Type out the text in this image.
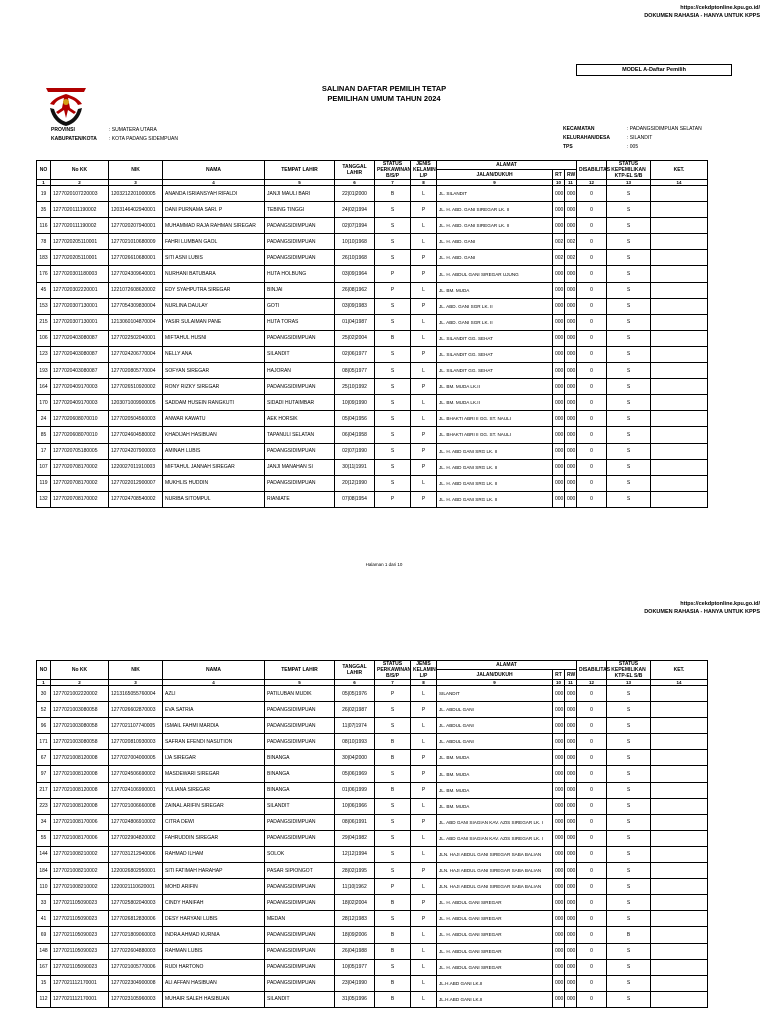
https://cekdptonline.kpu.go.id/
DOKUMEN RAHASIA - HANYA UNTUK KPPS
MODEL A-Daftar Pemilih
SALINAN DAFTAR PEMILIH TETAP
PEMILIHAN UMUM TAHUN 2024
PROVINSI	: SUMATERA UTARA
KABUPATEN/KOTA : KOTA PADANG SIDEMPUAN
KECAMATAN	: PADANGSIDIMPUAN SELATAN
KELURAHAN/DESA	: SILANDIT
TPS	: 005
NO	No KK	NIK	NAMA	TEMPAT LAHIR	TANGGAL LAHIR	STATUS PERKAWINAN B/S/P	JENIS KELAMIN L/P	ALAMAT			DISABILITAS	STATUS KEPEMILIKAN KTP-EL S/B	KET.
								JALAN/DUKUH	RT	RW			
1	2	3	4	5	6	7	8	9	10	11	12	13	14
19	1277020107220003	1203212201000005	ANANDA ISRIANSYAH RIFALDI	JANJI MAULI BARI	22|01|2000	B	L	JL. SILANDIT	000	000	0	S	
35	1277020111190002	1203146402940001	DANI PURNAMA SARI. P	TEBING TINGGI	24|02|1994	S	P	JL. H. ABD. GANI SIREGAR LK. II	000	000	0	S	
116	1277020111190002	1277020207940001	MUHAMMAD RAJA RAHMAN SIREGAR	PADANGSIDIMPUAN	02|07|1994	S	L	JL. H. ABD. GANI SIREGAR LK. II	000	000	0	S	
78	1277020205110001	1277021010680009	FAHRI LUMBAN GAOL	PADANGSIDIMPUAN	10|10|1968	S	L	JL. H. ABD. GANI	002	002	0	S	
183	1277020205110001	1277026610680001	SITI ASNI LUBIS	PADANGSIDIMPUAN	26|10|1968	S	P	JL. H. ABD. GANI	002	002	0	S	
176	1277020301180003	1277024309640001	NURHANI BATUBARA	HUTA HOLBUNG	03|09|1964	P	P	JL. H. ABDUL GANI SIREGAR UJUNG	000	000	0	S	
45	1277020302220001	1221072608620002	EDY SYAHPUTRA SIREGAR	BINJAI	26|08|1962	P	L	JL. BM. MUDA	000	000	0	S	
153	1277020307130001	1277054309830004	NURLINA DAULAY	GOTI	03|09|1983	S	P	JL. ABD. GANI SGR LK. II	000	000	0	S	
215	1277020307130001	1213060104870004	YASIR SULAIMAN PANE	HUTA TORAS	01|04|1987	S	L	JL. ABD. GANI SGR LK. II	000	000	0	S	
106	1277020403080087	1277022502040001	MIFTAHUL HUSNI	PADANGSIDIMPUAN	25|02|2004	B	L	JL. SILANDIT GG. SEHAT	000	000	0	S	
123	1277020403080087	1277024206770004	NELLY ANA	SILANDIT	02|06|1977	S	P	JL. SILANDIT GG. SEHAT	000	000	0	S	
193	1277020403080087	1277020805770004	SOFYAN SIREGAR	HAJORAN	08|05|1977	S	L	JL. SILANDIT GG. SEHAT	000	000	0	S	
164	1277020409170003	1277026510920002	RONY RIZKY SIREGAR	PADANGSIDIMPUAN	25|10|1992	S	P	JL. BM. MUDA LK.II	000	000	0	S	
170	1277020409170003	1203071009900005	SADDAM HUSEIN RANGKUTI	SIDADI HUTAIMBAR	10|09|1990	S	L	JL. BM. MUDA LK.II	000	000	0	S	
24	1277020608070010	1277020504560003	ANWAR KAWATU	AEK HORSIK	05|04|1956	S	L	JL. BHAKTI ABRI II GG. ST. NAULI	000	000	0	S	
85	1277020608070010	1277024604580002	KHADIJAH HASIBUAN	TAPANULI SELATAN	06|04|1958	S	P	JL. BHAKTI ABRI II GG. ST. NAULI	000	000	0	S	
17	1277020705180005	1277024207900003	AMINAH LUBIS	PADANGSIDIMPUAN	02|07|1990	S	P	JL. H. ABD GANI SRG LK. II	000	000	0	S	
107	1277020708170002	1220027011910003	MIFTAHUL JANNAH SIREGAR	JANJI MANAHAN SI	30|11|1991	S	P	JL. H. ABD GANI SRG LK. II	000	000	0	S	
119	1277020708170002	1277022012900007	MUKHLIS HUDDIN	PADANGSIDIMPUAN	20|12|1990	S	L	JL. H. ABD GANI SRG LK. II	000	000	0	S	
132	1277020708170002	1277024708540002	NURIBA SITOMPUL	RIANIATE	07|08|1954	P	P	JL. H. ABD GANI SRG LK. II	000	000	0	S	
Halaman 1 dari 10
https://cekdptonline.kpu.go.id/
DOKUMEN RAHASIA - HANYA UNTUK KPPS
NO	No KK	NIK	NAMA	TEMPAT LAHIR	TANGGAL LAHIR	STATUS PERKAWINAN B/S/P	JENIS KELAMIN L/P	ALAMAT			DISABILITAS	STATUS KEPEMILIKAN KTP-EL S/B	KET.
								JALAN/DUKUH	RT	RW			
1	2	3	4	5	6	7	8	9	10	11	12	13	14
30	1277021002220002	1213165055760004	AZLI	PATILUBAN MUDIK	05|05|1976	P	L	SILANDIT	000	000	0	S	
52	1277021003080058	1277026602870003	EVA SATRIA	PADANGSIDIMPUAN	26|02|1987	S	P	JL. ABDUL GANI	000	000	0	S	
96	1277021003080058	1277021107740005	ISMAIL FAHMI MARDIA	PADANGSIDIMPUAN	11|07|1974	S	L	JL. ABDUL GANI	000	000	0	S	
171	1277021003080058	1277020810930003	SAFRAN EFENDI NASUTION	PADANGSIDIMPUAN	08|10|1993	B	L	JL. ABDUL GANI	000	000	0	S	
67	1277021008120008	1277027004000005	IJA SIREGAR	BINANGA	30|04|2000	B	P	JL. BM. MUDA	000	000	0	S	
97	1277021008120008	1277024506690002	MASDEWARI SIREGAR	BINANGA	05|06|1969	S	P	JL. BM. MUDA	000	000	0	S	
217	1277021008120008	1277024106990001	YULIANA SIREGAR	BINANGA	01|06|1999	B	P	JL. BM. MUDA	000	000	0	S	
223	1277021008120008	1277021006660008	ZAINAL ARIFIN SIREGAR	SILANDIT	10|06|1966	S	L	JL. BM. MUDA	000	000	0	S	
34	1277021008170006	1277024806910002	CITRA DEWI	PADANGSIDIMPUAN	08|06|1991	S	P	JL. ABD GANI SIAGIAN KAV. AZIS SIREGAR LK. I	000	000	0	S	
55	1277021008170006	1277022904820002	FAHRUDDIN SIREGAR	PADANGSIDIMPUAN	29|04|1982	S	L	JL. ABD GANI SIAGIAN KAV. AZIS SIREGAR LK. I	000	000	0	S	
144	1277021008210002	1277031212940006	RAHMAD ILHAM	SOLOK	12|12|1994	S	L	JLN. HAJI ABDUL GANI SIREGAR SABA BALIAN	000	000	0	S	
184	1277021008210002	1220026802950001	SITI FATIMAH HARAHAP	PASAR SIPIONGOT	28|02|1995	S	P	JLN. HAJI ABDUL GANI SIREGAR SABA BALIAN	000	000	0	S	
110	1277021008210002	1220021110620001	MOHD ARIFIN	PADANGSIDIMPUAN	11|10|1962	P	L	JLN. HAJI ABDUL GANI SIREGAR SABA BALIAN	000	000	0	S	
33	1277021105090023	1277025802040003	CINDY HANIFAH	PADANGSIDIMPUAN	18|02|2004	B	P	JL. H. ABDUL GANI SIREGAR	000	000	0	S	
41	1277021105090023	1277026812830006	DESY HARYANI LUBIS	MEDAN	28|12|1983	S	P	JL. H. ABDUL GANI SIREGAR	000	000	0	S	
69	1277021105090023	1277021809060003	INDRA AHMAD KURNIA	PADANGSIDIMPUAN	18|09|2006	B	L	JL. H. ABDUL GANI SIREGAR	000	000	0	B	
148	1277021105090023	1277022604880003	RAHMAN LUBIS	PADANGSIDIMPUAN	26|04|1988	B	L	JL. H. ABDUL GANI SIREGAR	000	000	0	S	
167	1277021105090023	1277021005770006	RUDI HARTONO	PADANGSIDIMPUAN	10|05|1977	S	L	JL. H. ABDUL GANI SIREGAR	000	000	0	S	
15	1277021112170001	1277022304900008	ALI AFFAN HASIBUAN	PADANGSIDIMPUAN	23|04|1990	B	L	JL.H.ABD GANI LK.II	000	000	0	S	
112	1277021112170001	1277023105960003	MUHAIR SALEH HASIBUAN	SILANDIT	31|05|1996	B	L	JL.H.ABD GANI LK.II	000	000	0	S	
